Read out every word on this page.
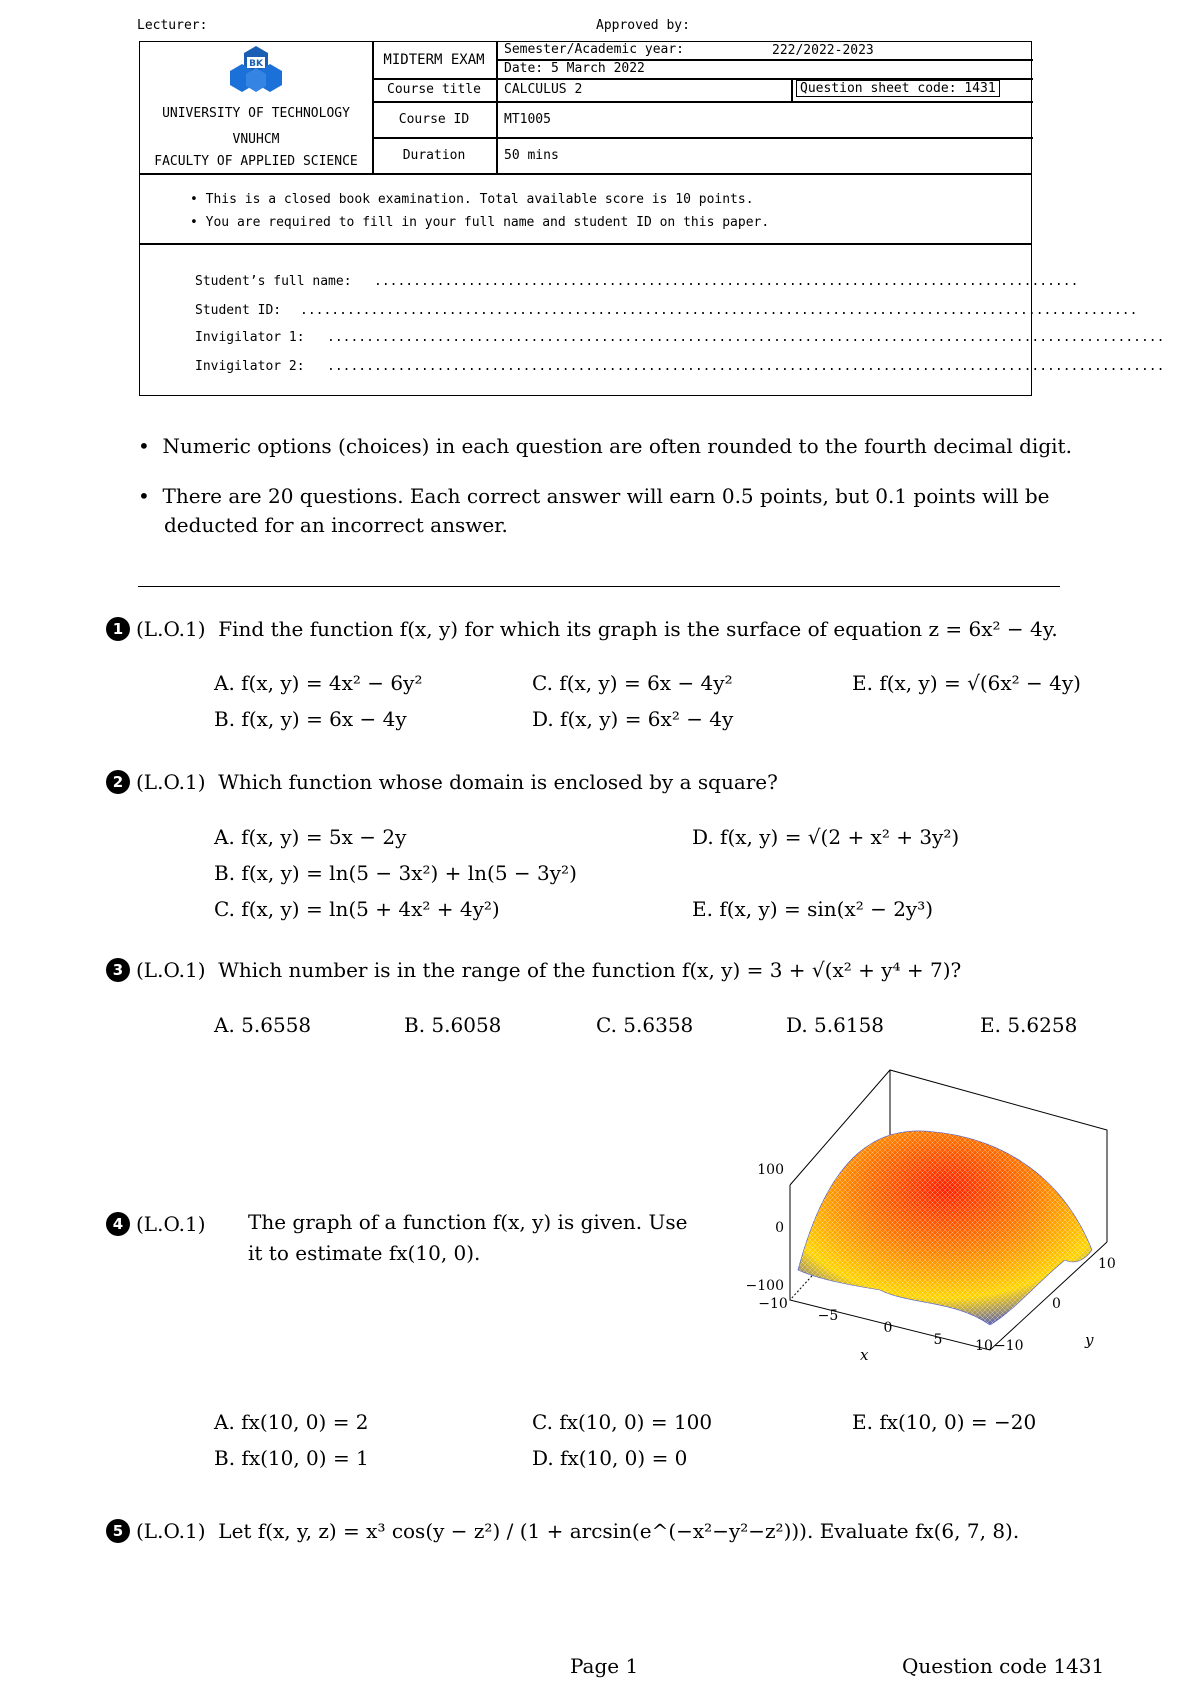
Lecturer:	Approved by:
BK
UNIVERSITY OF TECHNOLOGY
VNUHCM
FACULTY OF APPLIED SCIENCE
MIDTERM EXAM
Semester/Academic year:	222/2022-2023
Date: 5 March 2022
Course title	CALCULUS 2	Question sheet code: 1431
Course ID	MT1005
Duration	50 mins
• This is a closed book examination. Total available score is 10 points.
• You are required to fill in your full name and student ID on this paper.
Student’s full name: ..........................................................................................
Student ID: ...........................................................................................................
Invigilator 1: ...........................................................................................................
Invigilator 2: ...........................................................................................................
•  Numeric options (choices) in each question are often rounded to the fourth decimal digit.
•  There are 20 questions. Each correct answer will earn 0.5 points, but 0.1 points will be
deducted for an incorrect answer.
1 (L.O.1) Find the function f(x, y) for which its graph is the surface of equation z = 6x² − 4y.
A. f(x, y) = 4x² − 6y²
B. f(x, y) = 6x − 4y
C. f(x, y) = 6x − 4y²
D. f(x, y) = 6x² − 4y
E. f(x, y) = √(6x² − 4y)
2 (L.O.1) Which function whose domain is enclosed by a square?
A. f(x, y) = 5x − 2y
B. f(x, y) = ln(5 − 3x²) + ln(5 − 3y²)
C. f(x, y) = ln(5 + 4x² + 4y²)
D. f(x, y) = √(2 + x² + 3y²)
E. f(x, y) = sin(x² − 2y³)
3 (L.O.1) Which number is in the range of the function f(x, y) = 3 + √(x² + y⁴ + 7)?
A. 5.6558	B. 5.6058	C. 5.6358	D. 5.6158	E. 5.6258
4 (L.O.1) The graph of a function f(x, y) is given. Use
it to estimate fx(10, 0).
100
0
−100
−10
−5
0
5 10
x	−10
0
10
y
A. fx(10, 0) = 2
B. fx(10, 0) = 1
C. fx(10, 0) = 100
D. fx(10, 0) = 0
E. fx(10, 0) = −20
5 (L.O.1) Let f(x, y, z) = x³ cos(y − z²) / (1 + arcsin(e^(−x²−y²−z²))). Evaluate fx(6, 7, 8).
Page 1	Question code 1431
